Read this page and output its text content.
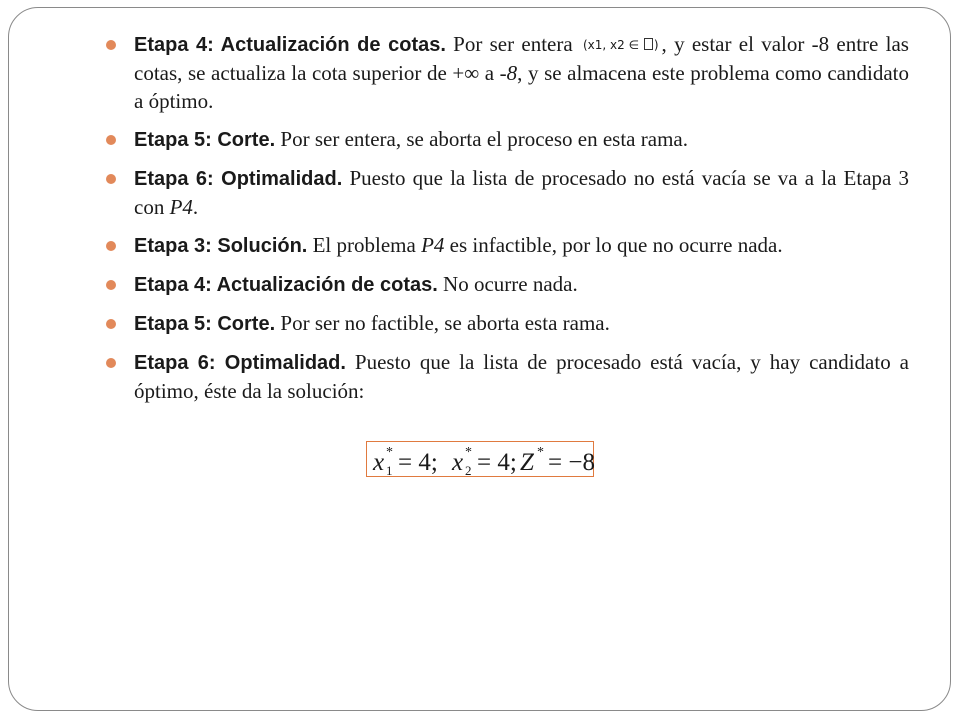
Etapa 4: Actualización de cotas. Por ser entera (x1, x2 ∈ ) , y estar el valor -8 entre las cotas, se actualiza la cota superior de +∞ a -8, y se almacena este problema como candidato a óptimo.
Etapa 5: Corte. Por ser entera, se aborta el proceso en esta rama.
Etapa 6: Optimalidad. Puesto que la lista de procesado no está vacía se va a la Etapa 3 con P4.
Etapa 3: Solución. El problema P4 es infactible, por lo que no ocurre nada.
Etapa 4: Actualización de cotas. No ocurre nada.
Etapa 5: Corte. Por ser no factible, se aborta esta rama.
Etapa 6: Optimalidad. Puesto que la lista de procesado está vacía, y hay candidato a óptimo, éste da la solución:
x *
1 = 4; x *
2 = 4; Z * = −8
